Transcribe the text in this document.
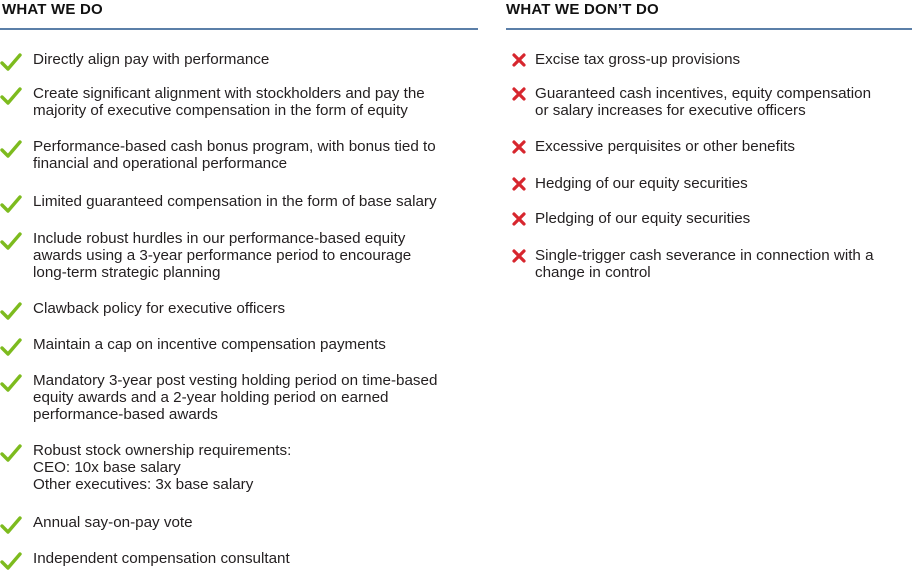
WHAT WE DO
Directly align pay with performance
Create significant alignment with stockholders and pay the
majority of executive compensation in the form of equity
Performance-based cash bonus program, with bonus tied to
financial and operational performance
Limited guaranteed compensation in the form of base salary
Include robust hurdles in our performance-based equity
awards using a 3-year performance period to encourage
long-term strategic planning
Clawback policy for executive officers
Maintain a cap on incentive compensation payments
Mandatory 3-year post vesting holding period on time-based
equity awards and a 2-year holding period on earned
performance-based awards
Robust stock ownership requirements:
CEO: 10x base salary
Other executives: 3x base salary
Annual say-on-pay vote
Independent compensation consultant
WHAT WE DON’T DO
Excise tax gross-up provisions
Guaranteed cash incentives, equity compensation
or salary increases for executive officers
Excessive perquisites or other benefits
Hedging of our equity securities
Pledging of our equity securities
Single-trigger cash severance in connection with a
change in control
